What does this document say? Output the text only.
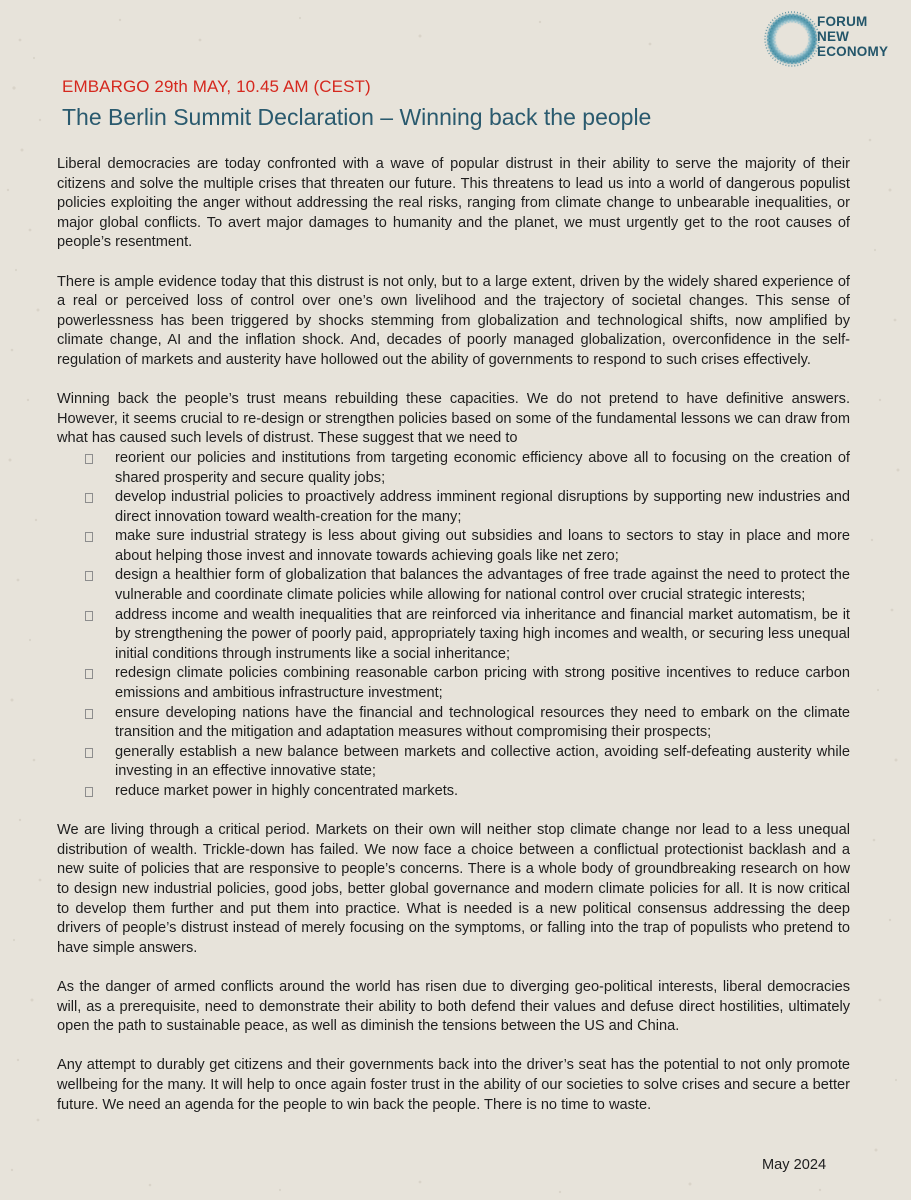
FORUM
NEW
ECONOMY
EMBARGO 29th MAY, 10.45 AM (CEST)
The Berlin Summit Declaration – Winning back the people

Liberal democracies are today confronted with a wave of popular distrust in their ability to serve the majority of their citizens and solve the multiple crises that threaten our future. This threatens to lead us into a world of dangerous populist policies exploiting the anger without addressing the real risks, ranging from climate change to unbearable inequalities, or major global conflicts. To avert major damages to humanity and the planet, we must urgently get to the root causes of people’s resentment.

There is ample evidence today that this distrust is not only, but to a large extent, driven by the widely shared experience of a real or perceived loss of control over one’s own livelihood and the trajectory of societal changes. This sense of powerlessness has been triggered by shocks stemming from globalization and technological shifts, now amplified by climate change, AI and the inflation shock. And, decades of poorly managed globalization, overconfidence in the self-regulation of markets and austerity have hollowed out the ability of governments to respond to such crises effectively.

Winning back the people’s trust means rebuilding these capacities. We do not pretend to have definitive answers. However, it seems crucial to re-design or strengthen policies based on some of the fundamental lessons we can draw from what has caused such levels of distrust. These suggest that we need to

reorient our policies and institutions from targeting economic efficiency above all to focusing on the creation of shared prosperity and secure quality jobs;
develop industrial policies to proactively address imminent regional disruptions by supporting new industries and direct innovation toward wealth-creation for the many;
make sure industrial strategy is less about giving out subsidies and loans to sectors to stay in place and more about helping those invest and innovate towards achieving goals like net zero;
design a healthier form of globalization that balances the advantages of free trade against the need to protect the vulnerable and coordinate climate policies while allowing for national control over crucial strategic interests;
address income and wealth inequalities that are reinforced via inheritance and financial market automatism, be it by strengthening the power of poorly paid, appropriately taxing high incomes and wealth, or securing less unequal initial conditions through instruments like a social inheritance;
redesign climate policies combining reasonable carbon pricing with strong positive incentives to reduce carbon emissions and ambitious infrastructure investment;
ensure developing nations have the financial and technological resources they need to embark on the climate transition and the mitigation and adaptation measures without compromising their prospects;
generally establish a new balance between markets and collective action, avoiding self-defeating austerity while investing in an effective innovative state;
reduce market power in highly concentrated markets.

We are living through a critical period. Markets on their own will neither stop climate change nor lead to a less unequal distribution of wealth. Trickle-down has failed. We now face a choice between a conflictual protectionist backlash and a new suite of policies that are responsive to people’s concerns. There is a whole body of groundbreaking research on how to design new industrial policies, good jobs, better global governance and modern climate policies for all. It is now critical to develop them further and put them into practice. What is needed is a new political consensus addressing the deep drivers of people’s distrust instead of merely focusing on the symptoms, or falling into the trap of populists who pretend to have simple answers.

As the danger of armed conflicts around the world has risen due to diverging geo-political interests, liberal democracies will, as a prerequisite, need to demonstrate their ability to both defend their values and defuse direct hostilities, ultimately open the path to sustainable peace, as well as diminish the tensions between the US and China.

Any attempt to durably get citizens and their governments back into the driver’s seat has the potential to not only promote wellbeing for the many. It will help to once again foster trust in the ability of our societies to solve crises and secure a better future. We need an agenda for the people to win back the people. There is no time to waste.

May 2024
